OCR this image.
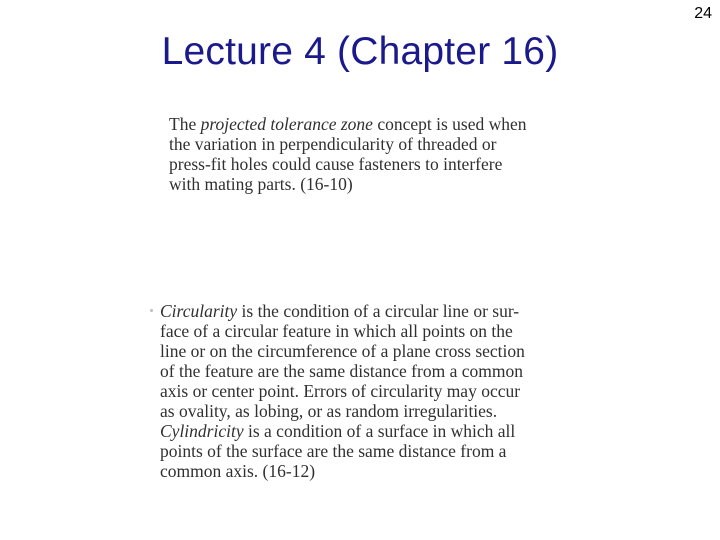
24
Lecture 4 (Chapter 16)
The projected tolerance zone concept is used when
the variation in perpendicularity of threaded or
press-fit holes could cause fasteners to interfere
with mating parts. (16-10)
Circularity is the condition of a circular line or sur-
face of a circular feature in which all points on the
line or on the circumference of a plane cross section
of the feature are the same distance from a common
axis or center point. Errors of circularity may occur
as ovality, as lobing, or as random irregularities.
Cylindricity is a condition of a surface in which all
points of the surface are the same distance from a
common axis. (16-12)
